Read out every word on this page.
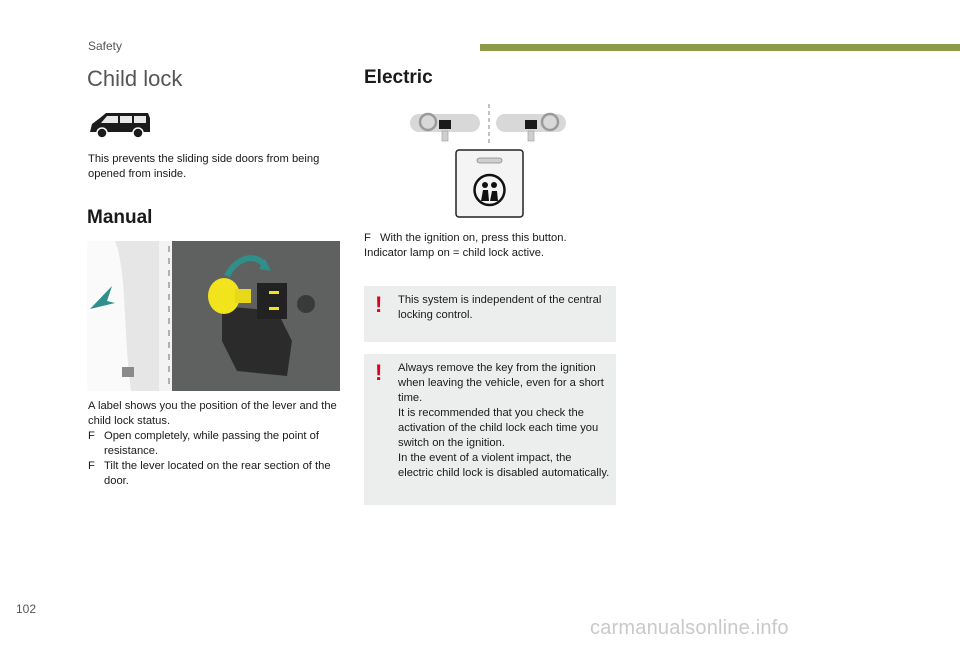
Safety
Child lock

This prevents the sliding side doors from being opened from inside.

Manual

A label shows you the position of the lever and the child lock status.

F Open completely, while passing the point of resistance.
F Tilt the lever located on the rear section of the door.
Electric
F With the ignition on, press this button.

Indicator lamp on = child lock active.

! This system is independent of the central locking control.

! Always remove the key from the ignition when leaving the vehicle, even for a short time.

It is recommended that you check the activation of the child lock each time you switch on the ignition.

In the event of a violent impact, the electric child lock is disabled automatically.

102
carmanualsonline.info
